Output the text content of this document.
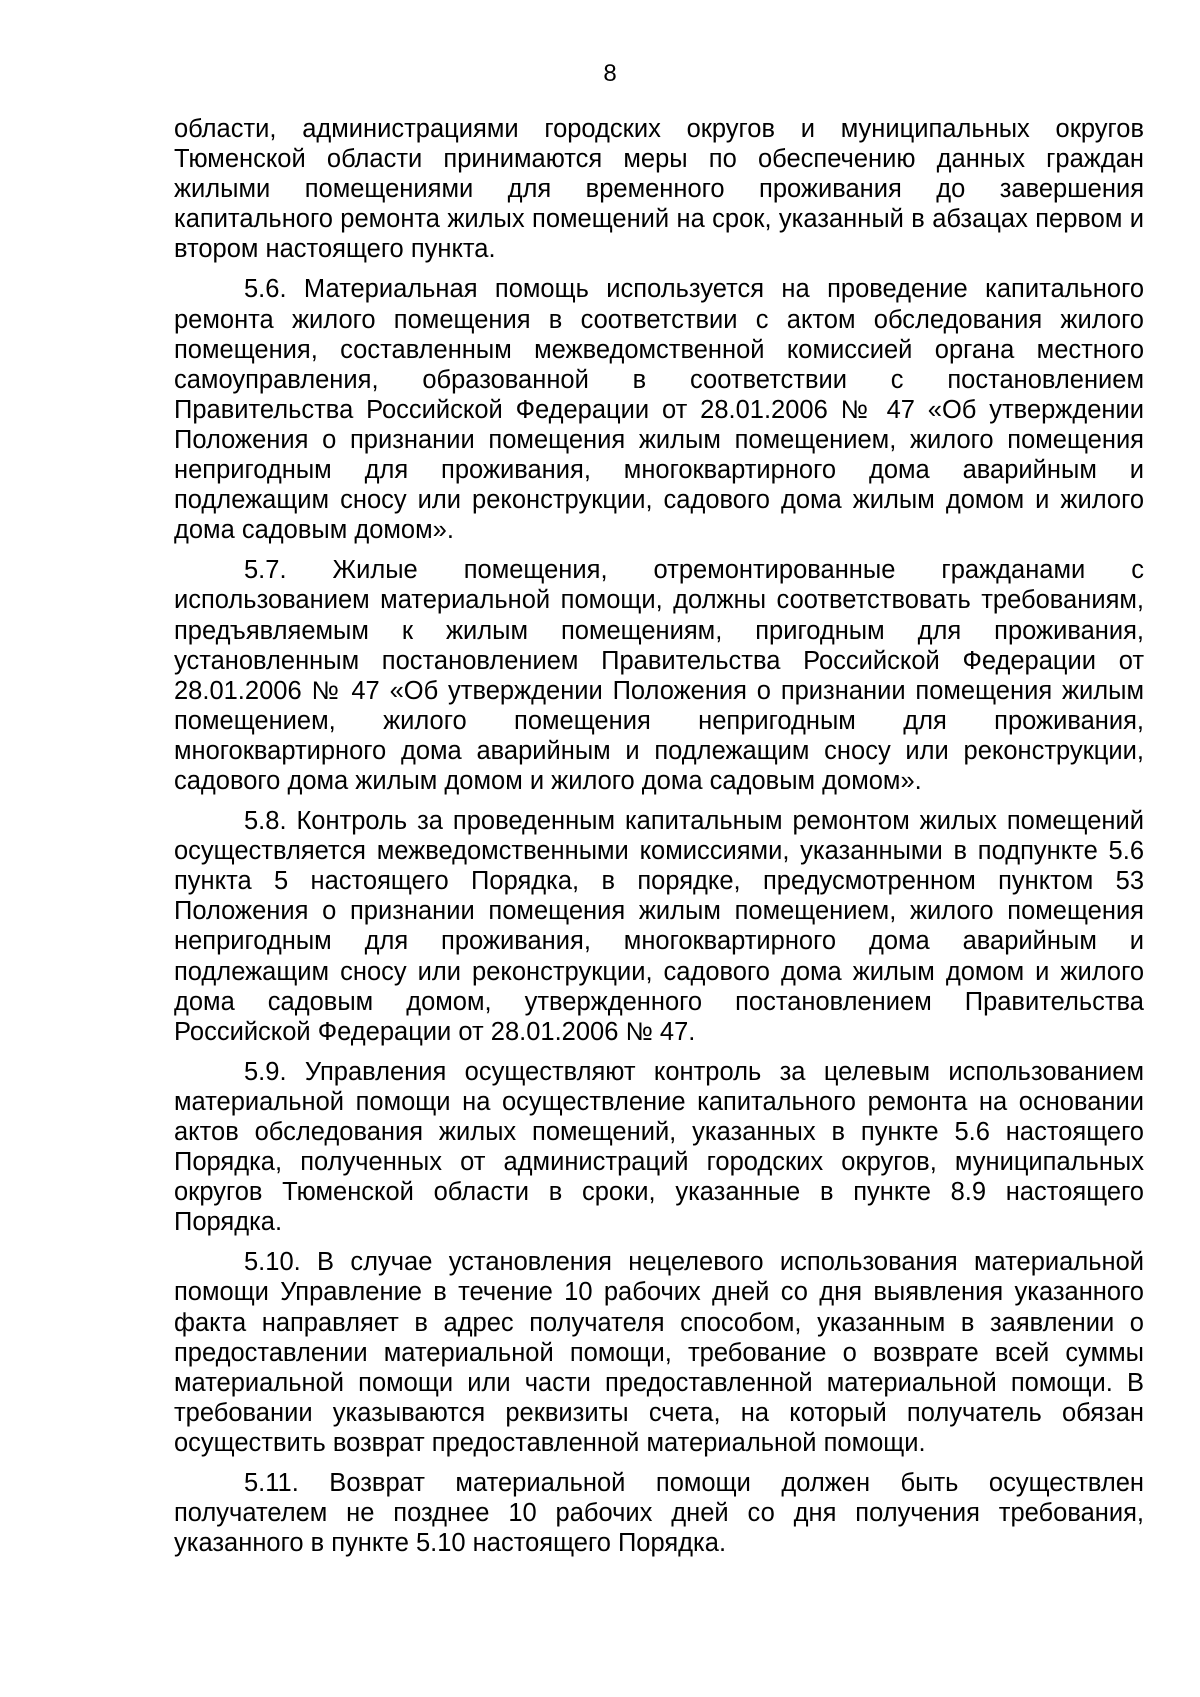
8

области, администрациями городских округов и муниципальных округов Тюменской области принимаются меры по обеспечению данных граждан жилыми помещениями для временного проживания до завершения капитального ремонта жилых помещений на срок, указанный в абзацах первом и втором настоящего пункта.

5.6. Материальная помощь используется на проведение капитального ремонта жилого помещения в соответствии с актом обследования жилого помещения, составленным межведомственной комиссией органа местного самоуправления, образованной в соответствии с постановлением Правительства Российской Федерации от 28.01.2006 № 47 «Об утверждении Положения о признании помещения жилым помещением, жилого помещения непригодным для проживания, многоквартирного дома аварийным и подлежащим сносу или реконструкции, садового дома жилым домом и жилого дома садовым домом».

5.7. Жилые помещения, отремонтированные гражданами с использованием материальной помощи, должны соответствовать требованиям, предъявляемым к жилым помещениям, пригодным для проживания, установленным постановлением Правительства Российской Федерации от 28.01.2006 № 47 «Об утверждении Положения о признании помещения жилым помещением, жилого помещения непригодным для проживания, многоквартирного дома аварийным и подлежащим сносу или реконструкции, садового дома жилым домом и жилого дома садовым домом».

5.8. Контроль за проведенным капитальным ремонтом жилых помещений осуществляется межведомственными комиссиями, указанными в подпункте 5.6 пункта 5 настоящего Порядка, в порядке, предусмотренном пунктом 53 Положения о признании помещения жилым помещением, жилого помещения непригодным для проживания, многоквартирного дома аварийным и подлежащим сносу или реконструкции, садового дома жилым домом и жилого дома садовым домом, утвержденного постановлением Правительства Российской Федерации от 28.01.2006 № 47.

5.9. Управления осуществляют контроль за целевым использованием материальной помощи на осуществление капитального ремонта на основании актов обследования жилых помещений, указанных в пункте 5.6 настоящего Порядка, полученных от администраций городских округов, муниципальных округов Тюменской области в сроки, указанные в пункте 8.9 настоящего Порядка.

5.10. В случае установления нецелевого использования материальной помощи Управление в течение 10 рабочих дней со дня выявления указанного факта направляет в адрес получателя способом, указанным в заявлении о предоставлении материальной помощи, требование о возврате всей суммы материальной помощи или части предоставленной материальной помощи. В требовании указываются реквизиты счета, на который получатель обязан осуществить возврат предоставленной материальной помощи.

5.11. Возврат материальной помощи должен быть осуществлен получателем не позднее 10 рабочих дней со дня получения требования, указанного в пункте 5.10 настоящего Порядка.
